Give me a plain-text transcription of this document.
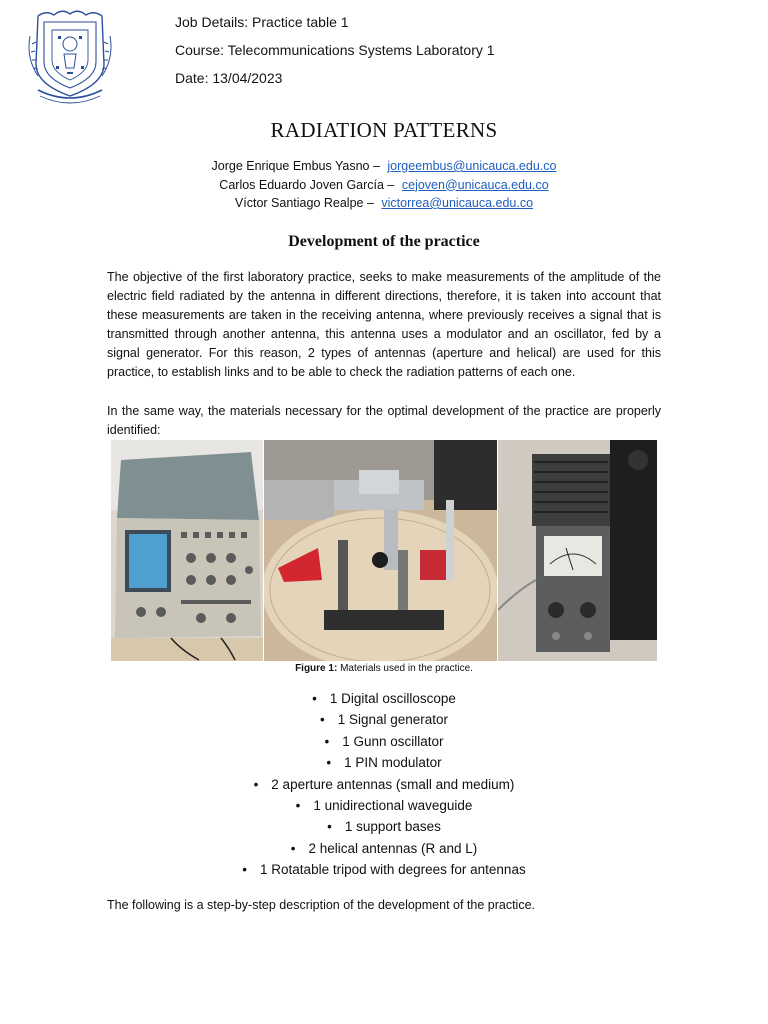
Job Details: Practice table 1
Course: Telecommunications Systems Laboratory 1
Date: 13/04/2023
RADIATION PATTERNS
Jorge Enrique Embus Yasno – jorgeembus@unicauca.edu.co
Carlos Eduardo Joven García – cejoven@unicauca.edu.co
Víctor Santiago Realpe – victorrea@unicauca.edu.co
Development of the practice

The objective of the first laboratory practice, seeks to make measurements of the amplitude of the electric field radiated by the antenna in different directions, therefore, it is taken into account that these measurements are taken in the receiving antenna, where previously receives a signal that is transmitted through another antenna, this antenna uses a modulator and an oscillator, fed by a signal generator. For this reason, 2 types of antennas (aperture and helical) are used for this practice, to establish links and to be able to check the radiation patterns of each one.

In the same way, the materials necessary for the optimal development of the practice are properly identified:

Figure 1: Materials used in the practice.
• 1 Digital oscilloscope
• 1 Signal generator
• 1 Gunn oscillator
• 1 PIN modulator
• 2 aperture antennas (small and medium)
• 1 unidirectional waveguide
• 1 support bases
• 2 helical antennas (R and L)
• 1 Rotatable tripod with degrees for antennas

The following is a step-by-step description of the development of the practice.
